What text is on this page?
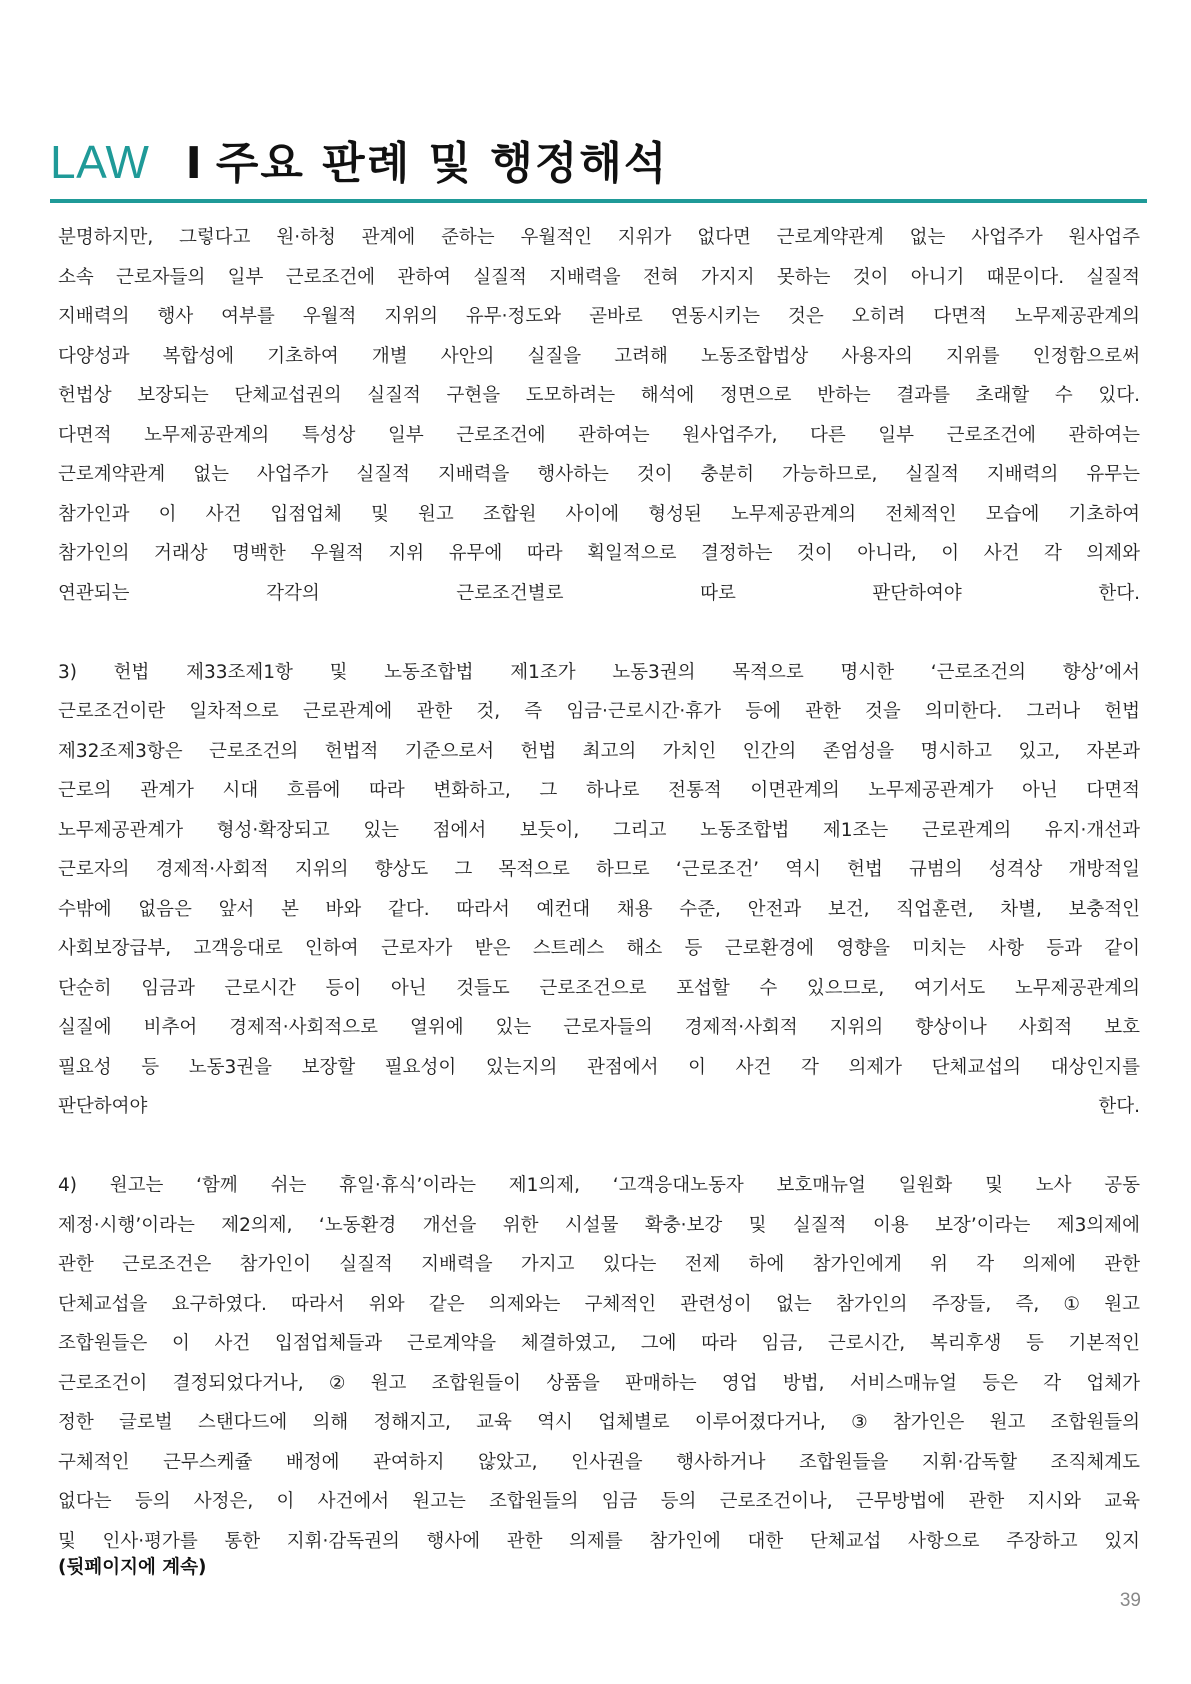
LAW I 주요 판례 및 행정해석
분명하지만, 그렇다고 원·하청 관계에 준하는 우월적인 지위가 없다면 근로계약관계 없는 사업주가 원사업주
소속 근로자들의 일부 근로조건에 관하여 실질적 지배력을 전혀 가지지 못하는 것이 아니기 때문이다. 실질적
지배력의 행사 여부를 우월적 지위의 유무·정도와 곧바로 연동시키는 것은 오히려 다면적 노무제공관계의
다양성과 복합성에 기초하여 개별 사안의 실질을 고려해 노동조합법상 사용자의 지위를 인정함으로써
헌법상 보장되는 단체교섭권의 실질적 구현을 도모하려는 해석에 정면으로 반하는 결과를 초래할 수 있다.
다면적 노무제공관계의 특성상 일부 근로조건에 관하여는 원사업주가, 다른 일부 근로조건에 관하여는
근로계약관계 없는 사업주가 실질적 지배력을 행사하는 것이 충분히 가능하므로, 실질적 지배력의 유무는
참가인과 이 사건 입점업체 및 원고 조합원 사이에 형성된 노무제공관계의 전체적인 모습에 기초하여
참가인의 거래상 명백한 우월적 지위 유무에 따라 획일적으로 결정하는 것이 아니라, 이 사건 각 의제와
연관되는 각각의 근로조건별로 따로 판단하여야 한다.
3) 헌법 제33조제1항 및 노동조합법 제1조가 노동3권의 목적으로 명시한 ‘근로조건의 향상’에서
근로조건이란 일차적으로 근로관계에 관한 것, 즉 임금·근로시간·휴가 등에 관한 것을 의미한다. 그러나 헌법
제32조제3항은 근로조건의 헌법적 기준으로서 헌법 최고의 가치인 인간의 존엄성을 명시하고 있고, 자본과
근로의 관계가 시대 흐름에 따라 변화하고, 그 하나로 전통적 이면관계의 노무제공관계가 아닌 다면적
노무제공관계가 형성·확장되고 있는 점에서 보듯이, 그리고 노동조합법 제1조는 근로관계의 유지·개선과
근로자의 경제적·사회적 지위의 향상도 그 목적으로 하므로 ‘근로조건’ 역시 헌법 규범의 성격상 개방적일
수밖에 없음은 앞서 본 바와 같다. 따라서 예컨대 채용 수준, 안전과 보건, 직업훈련, 차별, 보충적인
사회보장급부, 고객응대로 인하여 근로자가 받은 스트레스 해소 등 근로환경에 영향을 미치는 사항 등과 같이
단순히 임금과 근로시간 등이 아닌 것들도 근로조건으로 포섭할 수 있으므로, 여기서도 노무제공관계의
실질에 비추어 경제적·사회적으로 열위에 있는 근로자들의 경제적·사회적 지위의 향상이나 사회적 보호
필요성 등 노동3권을 보장할 필요성이 있는지의 관점에서 이 사건 각 의제가 단체교섭의 대상인지를
판단하여야 한다.
4) 원고는 ‘함께 쉬는 휴일·휴식’이라는 제1의제, ‘고객응대노동자 보호매뉴얼 일원화 및 노사 공동
제정·시행’이라는 제2의제, ‘노동환경 개선을 위한 시설물 확충·보강 및 실질적 이용 보장’이라는 제3의제에
관한 근로조건은 참가인이 실질적 지배력을 가지고 있다는 전제 하에 참가인에게 위 각 의제에 관한
단체교섭을 요구하였다. 따라서 위와 같은 의제와는 구체적인 관련성이 없는 참가인의 주장들, 즉, ① 원고
조합원들은 이 사건 입점업체들과 근로계약을 체결하였고, 그에 따라 임금, 근로시간, 복리후생 등 기본적인
근로조건이 결정되었다거나, ② 원고 조합원들이 상품을 판매하는 영업 방법, 서비스매뉴얼 등은 각 업체가
정한 글로벌 스탠다드에 의해 정해지고, 교육 역시 업체별로 이루어졌다거나, ③ 참가인은 원고 조합원들의
구체적인 근무스케쥴 배정에 관여하지 않았고, 인사권을 행사하거나 조합원들을 지휘·감독할 조직체계도
없다는 등의 사정은, 이 사건에서 원고는 조합원들의 임금 등의 근로조건이나, 근무방법에 관한 지시와 교육
및 인사·평가를 통한 지휘·감독권의 행사에 관한 의제를 참가인에 대한 단체교섭 사항으로 주장하고 있지
(뒷페이지에 계속)
39
